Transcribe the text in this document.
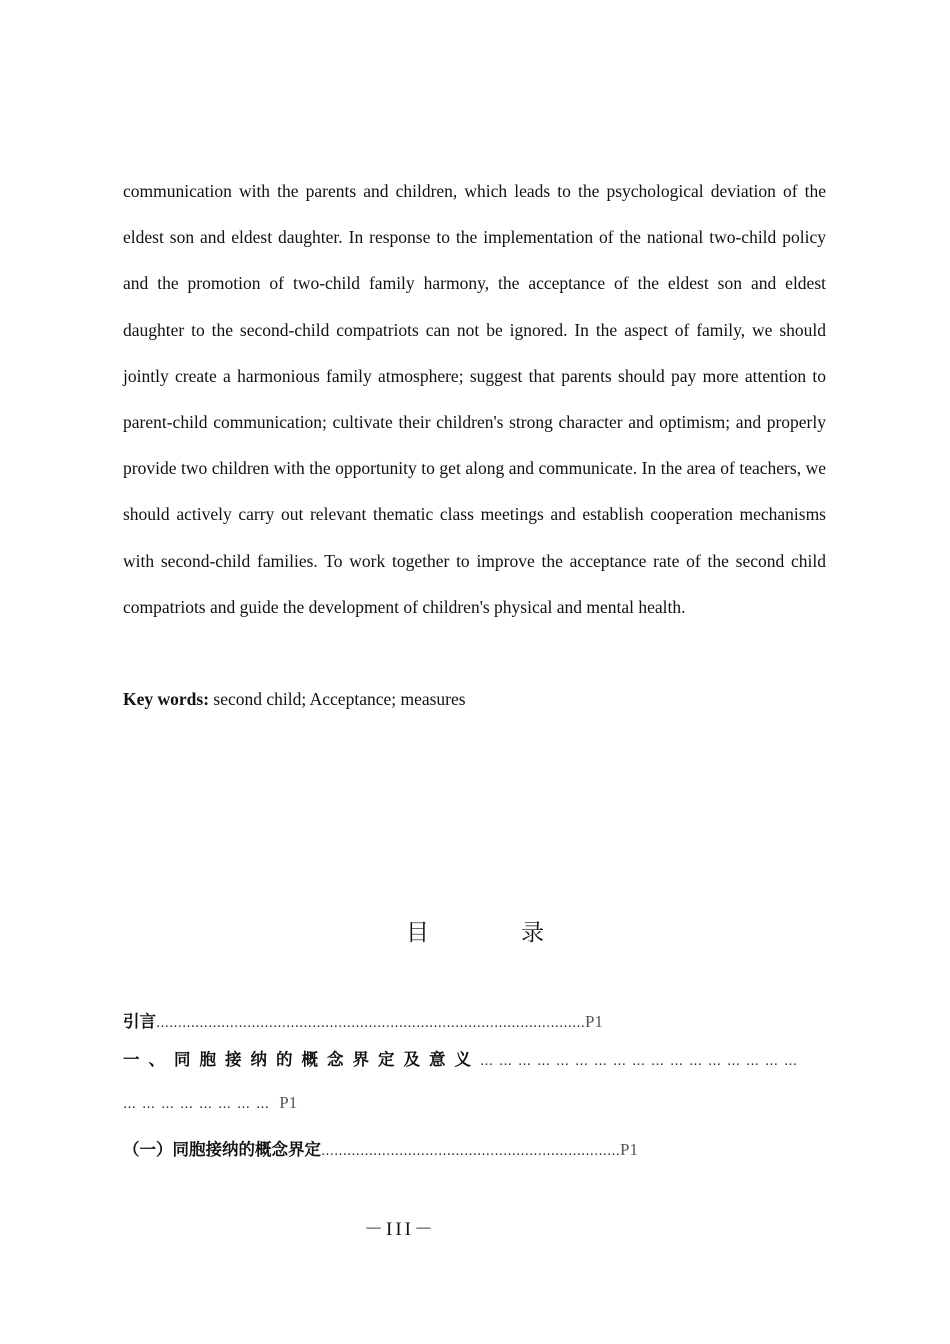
communication with the parents and children, which leads to the psychological deviation of the eldest son and eldest daughter. In response to the implementation of the national two-child policy and the promotion of two-child family harmony, the acceptance of the eldest son and eldest daughter to the second-child compatriots can not be ignored. In the aspect of family, we should jointly create a harmonious family atmosphere; suggest that parents should pay more attention to parent-child communication; cultivate their children's strong character and optimism; and properly provide two children with the opportunity to get along and communicate. In the area of teachers, we should actively carry out relevant thematic class meetings and establish cooperation mechanisms with second-child families. To work together to improve the acceptance rate of the second child compatriots and guide the development of children's physical and mental health.
Key words: second child; Acceptance; measures
目	录
引言………………………………………………………………………………………P1
一、同胞接纳的概念界定及意义……………………………………………
…………………… P1
（一）同胞接纳的概念界定……………………………………………………………P1
－III－
